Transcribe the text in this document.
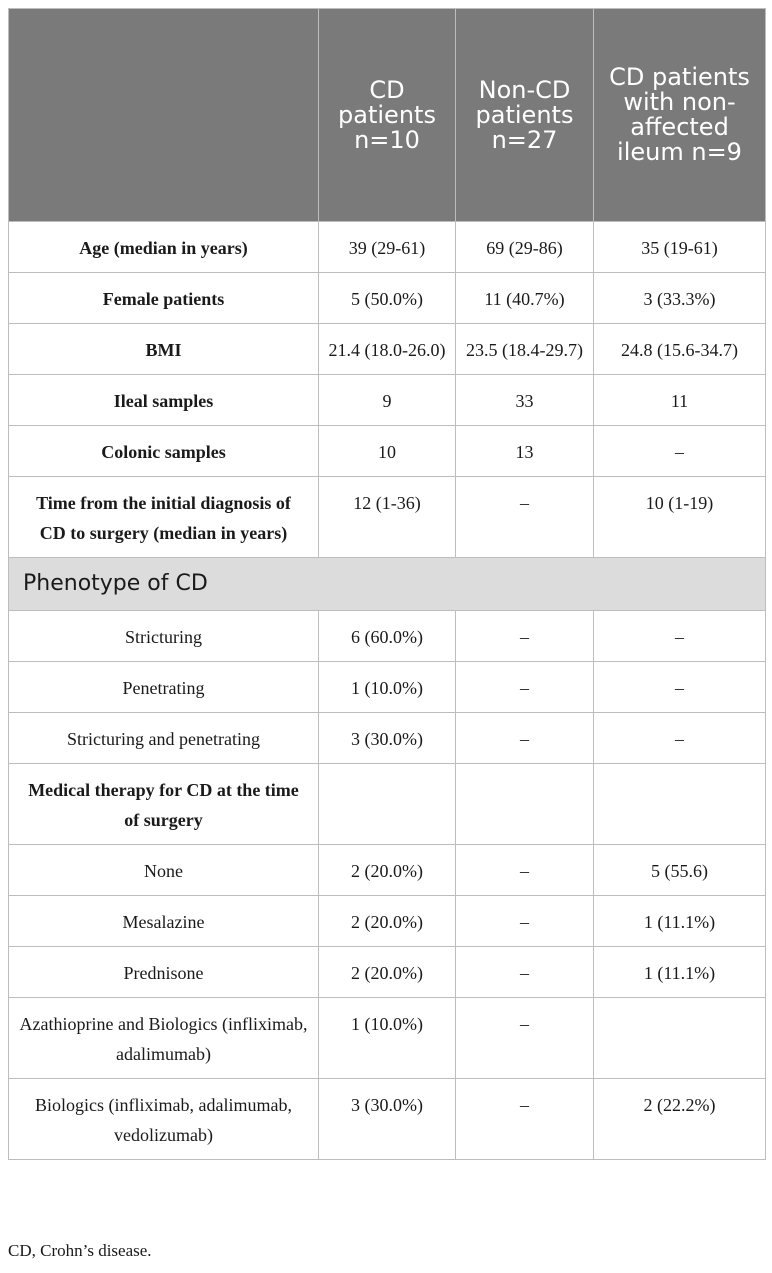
	CD patients n=10	Non-CD patients n=27	CD patients with non-affected ileum n=9
Age (median in years)	39 (29-61)	69 (29-86)	35 (19-61)
Female patients	5 (50.0%)	11 (40.7%)	3 (33.3%)
BMI	21.4 (18.0-26.0)	23.5 (18.4-29.7)	24.8 (15.6-34.7)
Ileal samples	9	33	11
Colonic samples	10	13	–
Time from the initial diagnosis of CD to surgery (median in years)	12 (1-36)	–	10 (1-19)
Phenotype of CD			
Stricturing	6 (60.0%)	–	–
Penetrating	1 (10.0%)	–	–
Stricturing and penetrating	3 (30.0%)	–	–
Medical therapy for CD at the time of surgery			
None	2 (20.0%)	–	5 (55.6)
Mesalazine	2 (20.0%)	–	1 (11.1%)
Prednisone	2 (20.0%)	–	1 (11.1%)
Azathioprine and Biologics (infliximab, adalimumab)	1 (10.0%)	–	
Biologics (infliximab, adalimumab, vedolizumab)	3 (30.0%)	–	2 (22.2%)
CD, Crohn’s disease.
